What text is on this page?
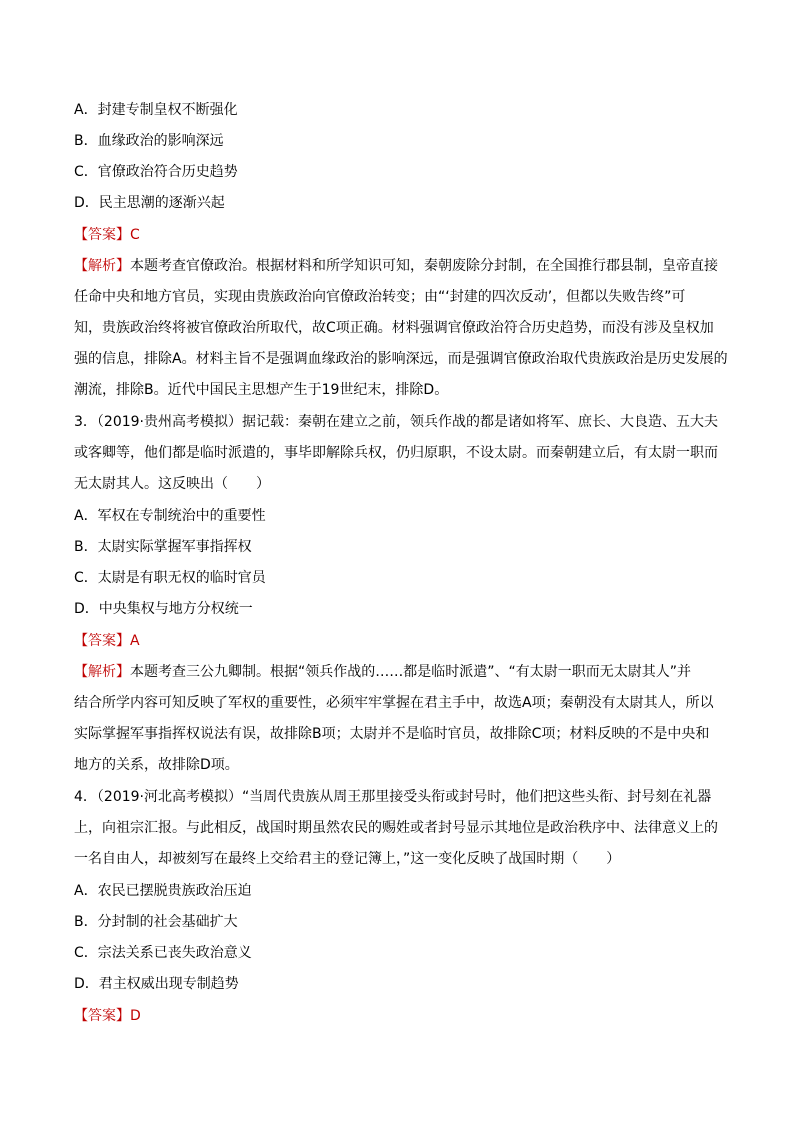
A．封建专制皇权不断强化
B．血缘政治的影响深远
C．官僚政治符合历史趋势
D．民主思潮的逐渐兴起
【答案】C
【解析】本题考查官僚政治。根据材料和所学知识可知，秦朝废除分封制，在全国推行郡县制，皇帝直接
任命中央和地方官员，实现由贵族政治向官僚政治转变；由“‘封建的四次反动’，但都以失败告终”可
知，贵族政治终将被官僚政治所取代，故C项正确。材料强调官僚政治符合历史趋势，而没有涉及皇权加
强的信息，排除A。材料主旨不是强调血缘政治的影响深远，而是强调官僚政治取代贵族政治是历史发展的
潮流，排除B。近代中国民主思想产生于19世纪末，排除D。
3．（2019·贵州高考模拟）据记载：秦朝在建立之前，领兵作战的都是诸如将军、庶长、大良造、五大夫
或客卿等，他们都是临时派遣的，事毕即解除兵权，仍归原职，不设太尉。而秦朝建立后，有太尉一职而
无太尉其人。这反映出（　　）
A．军权在专制统治中的重要性
B．太尉实际掌握军事指挥权
C．太尉是有职无权的临时官员
D．中央集权与地方分权统一
【答案】A
【解析】本题考查三公九卿制。根据“领兵作战的……都是临时派遣”、“有太尉一职而无太尉其人”并
结合所学内容可知反映了军权的重要性，必须牢牢掌握在君主手中，故选A项；秦朝没有太尉其人，所以
实际掌握军事指挥权说法有误，故排除B项；太尉并不是临时官员，故排除C项；材料反映的不是中央和
地方的关系，故排除D项。
4．（2019·河北高考模拟）“当周代贵族从周王那里接受头衔或封号时，他们把这些头衔、封号刻在礼器
上，向祖宗汇报。与此相反，战国时期虽然农民的赐姓或者封号显示其地位是政治秩序中、法律意义上的
一名自由人，却被刻写在最终上交给君主的登记簿上，”这一变化反映了战国时期（　　）
A．农民已摆脱贵族政治压迫
B．分封制的社会基础扩大
C．宗法关系已丧失政治意义
D．君主权威出现专制趋势
【答案】D
